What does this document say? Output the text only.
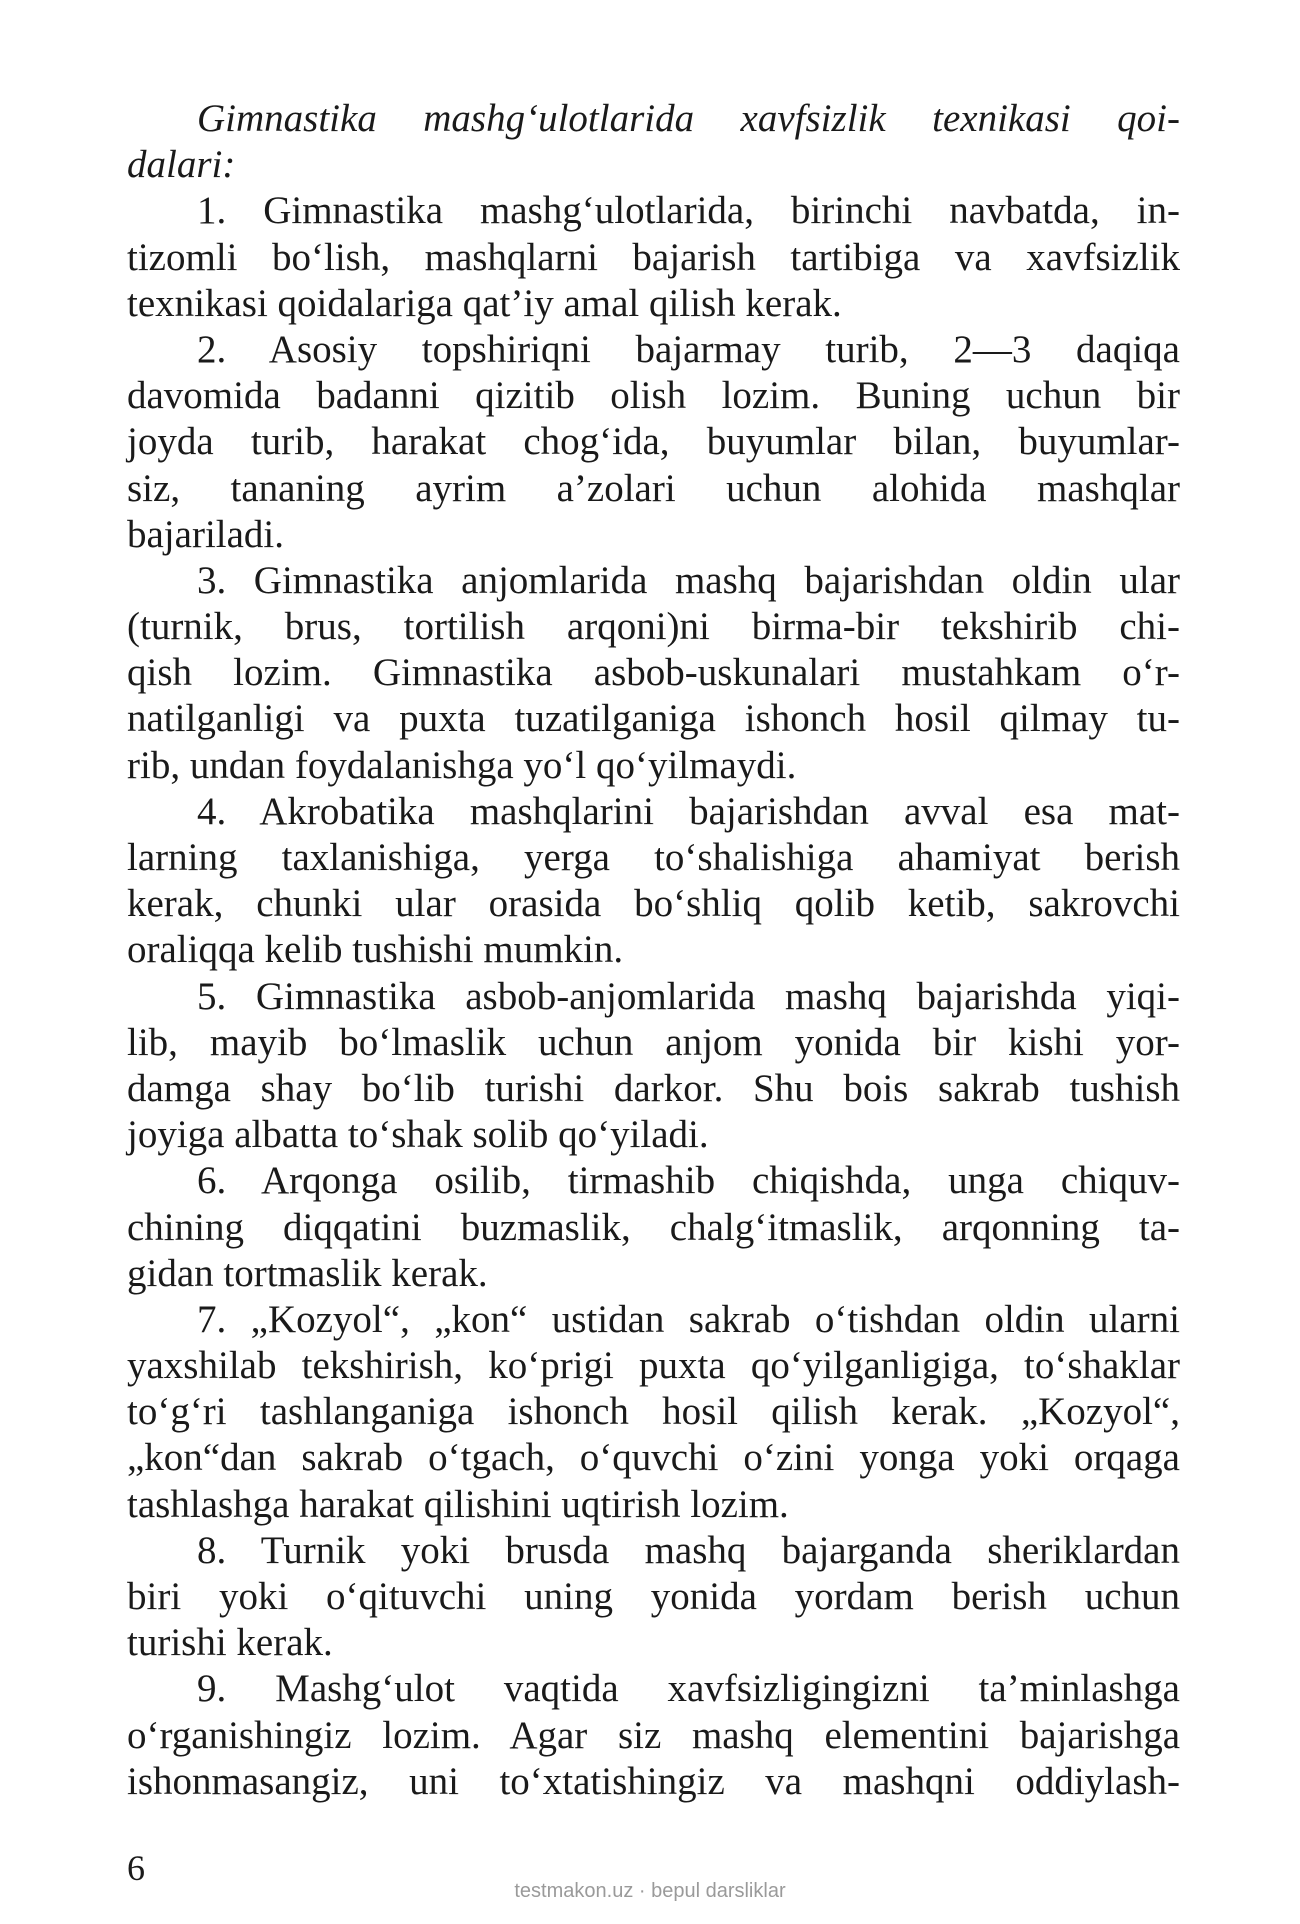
Gimnastika mashg‘ulotlarida xavfsizlik texnikasi qoi-
dalari:
1. Gimnastika mashg‘ulotlarida, birinchi navbatda, in-
tizomli bo‘lish, mashqlarni bajarish tartibiga va xavfsizlik
texnikasi qoidalariga qat’iy amal qilish kerak.
2. Asosiy topshiriqni bajarmay turib, 2—3 daqiqa
davomida badanni qizitib olish lozim. Buning uchun bir
joyda turib, harakat chog‘ida, buyumlar bilan, buyumlar-
siz, tananing ayrim a’zolari uchun alohida mashqlar
bajariladi.
3. Gimnastika anjomlarida mashq bajarishdan oldin ular
(turnik, brus, tortilish arqoni)ni birma-bir tekshirib chi-
qish lozim. Gimnastika asbob-uskunalari mustahkam o‘r-
natilganligi va puxta tuzatilganiga ishonch hosil qilmay tu-
rib, undan foydalanishga yo‘l qo‘yilmaydi.
4. Akrobatika mashqlarini bajarishdan avval esa mat-
larning taxlanishiga, yerga to‘shalishiga ahamiyat berish
kerak, chunki ular orasida bo‘shliq qolib ketib, sakrovchi
oraliqqa kelib tushishi mumkin.
5. Gimnastika asbob-anjomlarida mashq bajarishda yiqi-
lib, mayib bo‘lmaslik uchun anjom yonida bir kishi yor-
damga shay bo‘lib turishi darkor. Shu bois sakrab tushish
joyiga albatta to‘shak solib qo‘yiladi.
6. Arqonga osilib, tirmashib chiqishda, unga chiquv-
chining diqqatini buzmaslik, chalg‘itmaslik, arqonning ta-
gidan tortmaslik kerak.
7. „Kozyol“, „kon“ ustidan sakrab o‘tishdan oldin ularni
yaxshilab tekshirish, ko‘prigi puxta qo‘yilganligiga, to‘shaklar
to‘g‘ri tashlanganiga ishonch hosil qilish kerak. „Kozyol“,
„kon“dan sakrab o‘tgach, o‘quvchi o‘zini yonga yoki orqaga
tashlashga harakat qilishini uqtirish lozim.
8. Turnik yoki brusda mashq bajarganda sheriklardan
biri yoki o‘qituvchi uning yonida yordam berish uchun
turishi kerak.
9. Mashg‘ulot vaqtida xavfsizligingizni ta’minlashga
o‘rganishingiz lozim. Agar siz mashq elementini bajarishga
ishonmasangiz, uni to‘xtatishingiz va mashqni oddiylash-
6
testmakon.uz · bepul darsliklar
